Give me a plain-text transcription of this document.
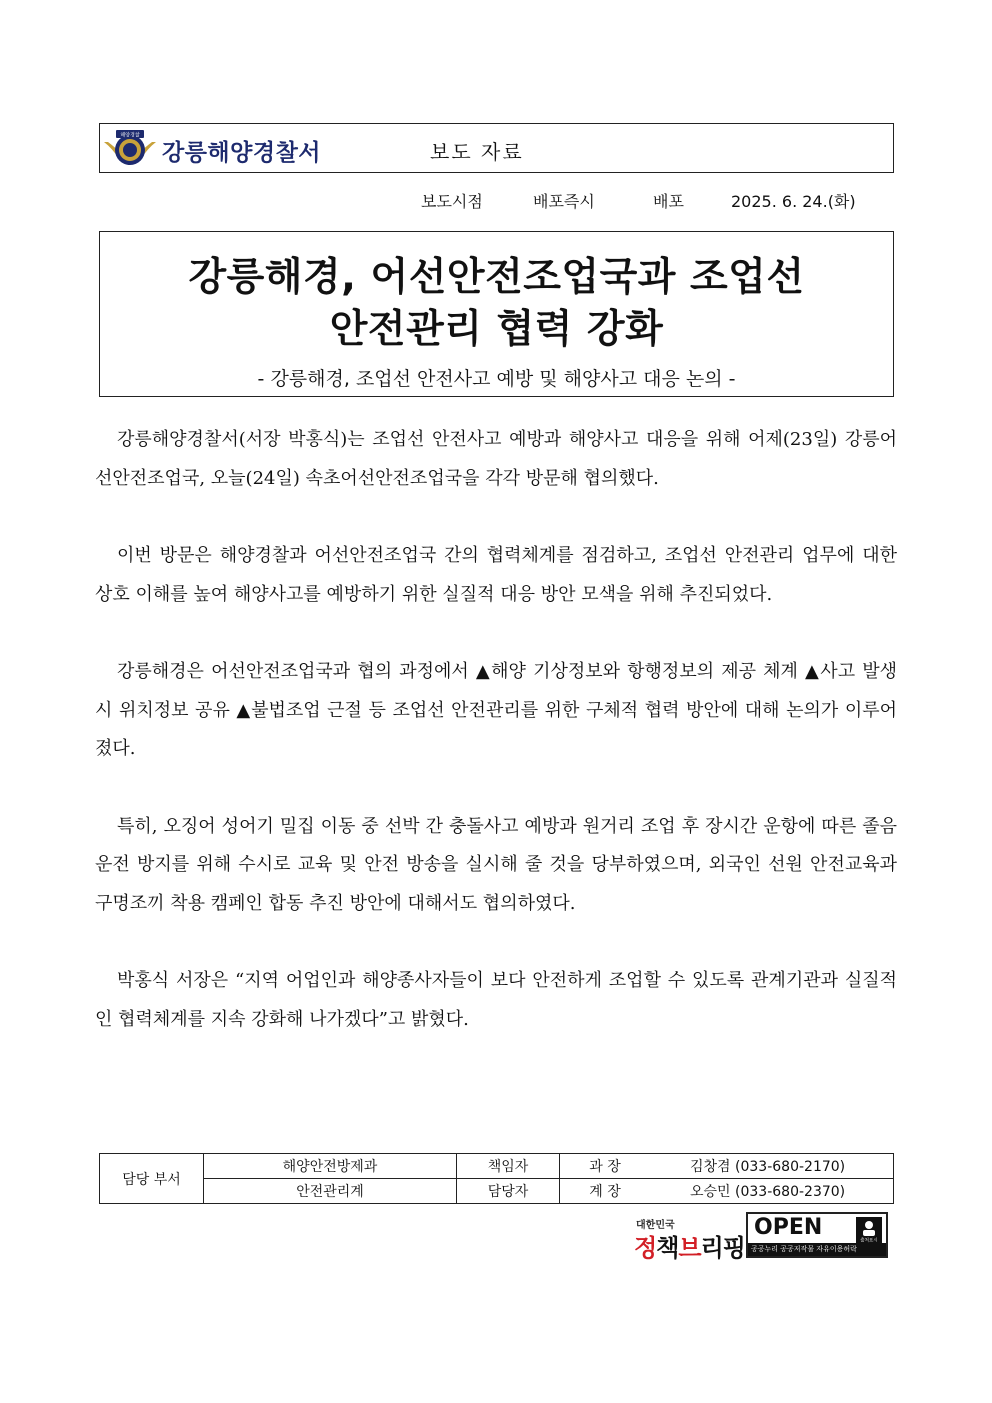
해양경찰
강릉해양경찰서	보도 자료
보도시점	배포즉시	배포	2025. 6. 24.(화)
강릉해경, 어선안전조업국과 조업선
안전관리 협력 강화
- 강릉해경, 조업선 안전사고 예방 및 해양사고 대응 논의 -

강릉해양경찰서(서장 박홍식)는 조업선 안전사고 예방과 해양사고 대응을 위해 어제(23일) 강릉어선안전조업국, 오늘(24일) 속초어선안전조업국을 각각 방문해 협의했다.

이번 방문은 해양경찰과 어선안전조업국 간의 협력체계를 점검하고, 조업선 안전관리 업무에 대한 상호 이해를 높여 해양사고를 예방하기 위한 실질적 대응 방안 모색을 위해 추진되었다.

강릉해경은 어선안전조업국과 협의 과정에서 ▲해양 기상정보와 항행정보의 제공 체계 ▲사고 발생 시 위치정보 공유 ▲불법조업 근절 등 조업선 안전관리를 위한 구체적 협력 방안에 대해 논의가 이루어졌다.

특히, 오징어 성어기 밀집 이동 중 선박 간 충돌사고 예방과 원거리 조업 후 장시간 운항에 따른 졸음운전 방지를 위해 수시로 교육 및 안전 방송을 실시해 줄 것을 당부하였으며, 외국인 선원 안전교육과 구명조끼 착용 캠페인 합동 추진 방안에 대해서도 협의하였다.

박홍식 서장은 “지역 어업인과 해양종사자들이 보다 안전하게 조업할 수 있도록 관계기관과 실질적인 협력체계를 지속 강화해 나가겠다”고 밝혔다.

담당 부서	해양안전방제과	책임자	과 장	김창겸 (033-680-2170)
	안전관리계	담당자	계 장	오승민 (033-680-2370)
대한민국
정책브리핑
OPEN
출처표시
공공누리 공공저작물 자유이용허락
